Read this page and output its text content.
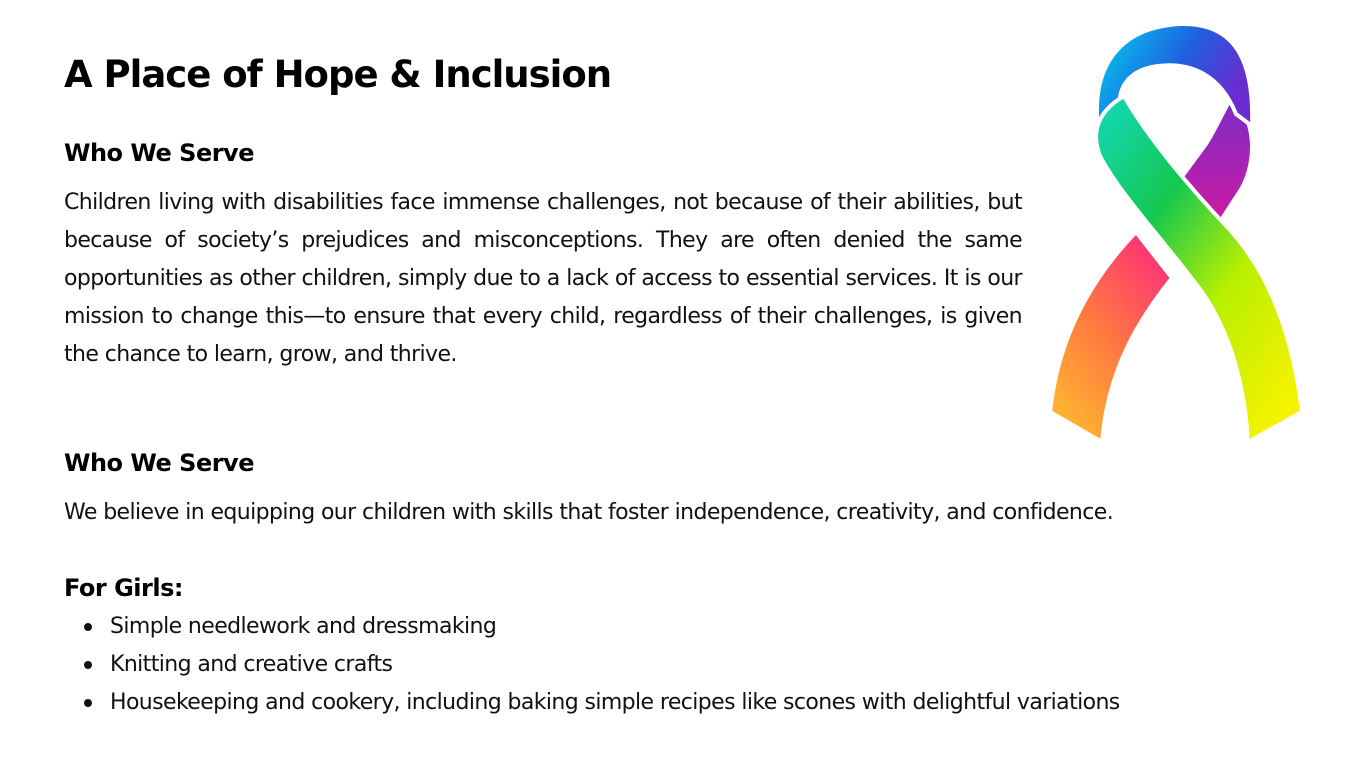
A Place of Hope & Inclusion
Who We Serve

Children living with disabilities face immense challenges, not because of their abilities, but because of society’s prejudices and misconceptions. They are often denied the same opportunities as other children, simply due to a lack of access to essential services. It is our mission to change this—to ensure that every child, regardless of their challenges, is given the chance to learn, grow, and thrive.

Who We Serve

We believe in equipping our children with skills that foster independence, creativity, and confidence.

For Girls:
Simple needlework and dressmaking
Knitting and creative crafts
Housekeeping and cookery, including baking simple recipes like scones with delightful variations
